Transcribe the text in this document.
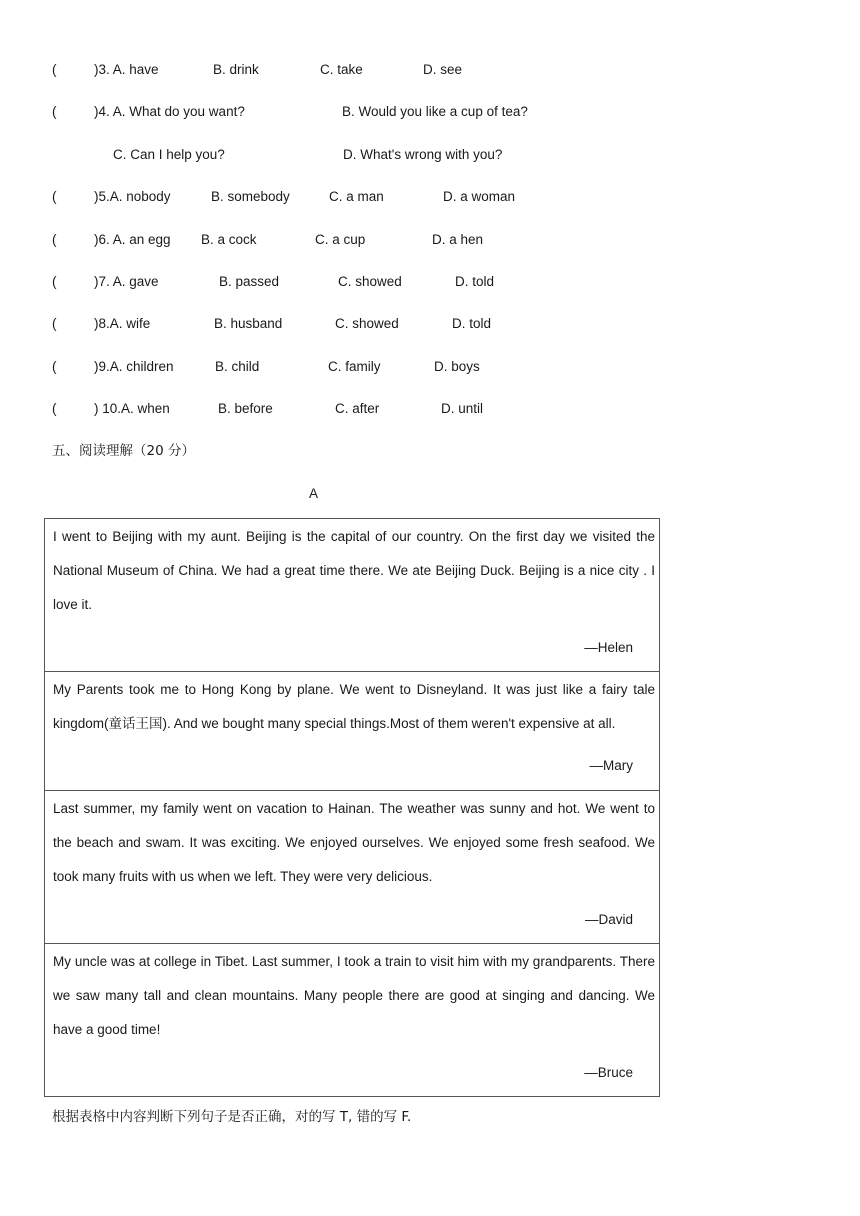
(	)3. A. have	B. drink	C. take	D. see
(	)4. A. What do you want?	B. Would you like a cup of tea?
C. Can I help you?	D. What's wrong with you?
(	)5.A. nobody	B. somebody	C. a man	D. a woman
(	)6. A. an egg B. a cock	C. a cup	D. a hen
(	)7. A. gave	B. passed	C. showed	D. told
(	)8.A. wife	B. husband	C. showed	D. told
(	)9.A. children	B. child	C. family	D. boys
(	) 10.A. when	B. before	C. after	D. until
五、阅读理解（20 分）
A

I went to Beijing with my aunt. Beijing is the capital of our country. On the first day we visited the National Museum of China. We had a great time there. We ate Beijing Duck. Beijing is a nice city . I love it.

—Helen

My Parents took me to Hong Kong by plane. We went to Disneyland. It was just like a fairy tale kingdom(童话王国). And we bought many special things.Most of them weren't expensive at all.

—Mary

Last summer, my family went on vacation to Hainan. The weather was sunny and hot. We went to the beach and swam. It was exciting. We enjoyed ourselves. We enjoyed some fresh seafood. We took many fruits with us when we left. They were very delicious.

—David

My uncle was at college in Tibet. Last summer, I took a train to visit him with my grandparents. There we saw many tall and clean mountains. Many people there are good at singing and dancing. We have a good time!

—Bruce

根据表格中内容判断下列句子是否正确，对的写 T, 错的写 F.
